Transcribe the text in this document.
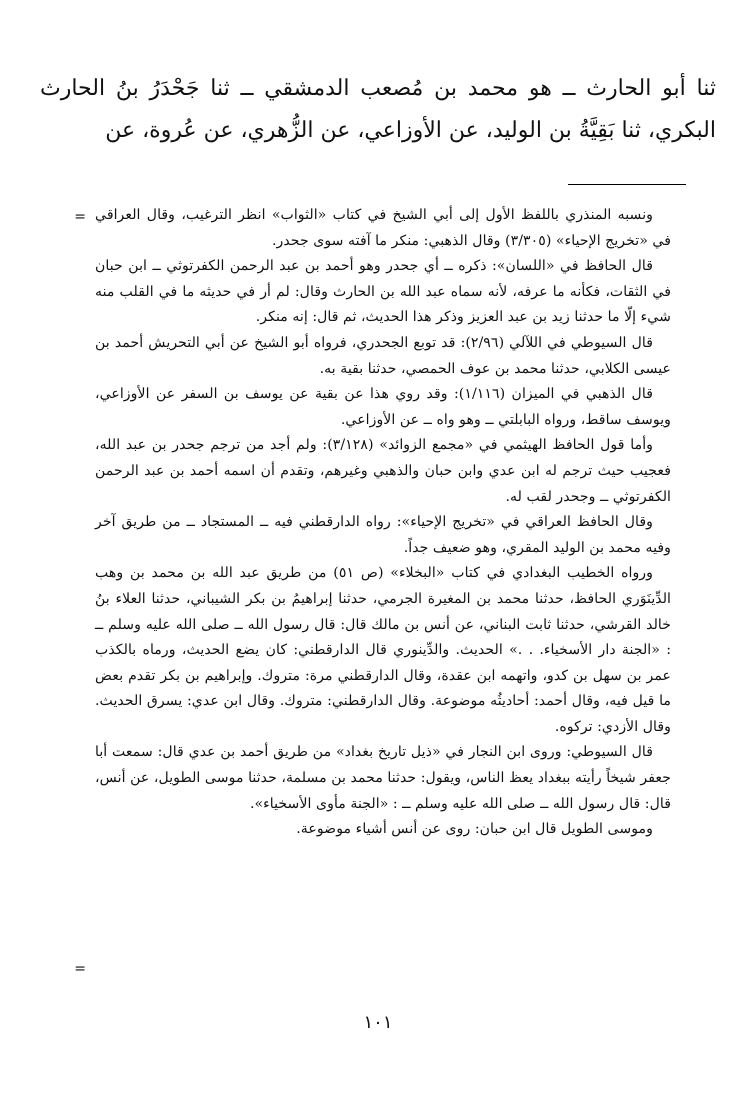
ثنا أبو الحارث ــ هو محمد بن مُصعب الدمشقي ــ ثنا جَحْدَرُ بنُ الحارث البكري، ثنا بَقِيَّةُ بن الوليد، عن الأوزاعي، عن الزُّهري، عن عُروة، عن

= ونسبه المنذري باللفظ الأول إلى أبي الشيخ في كتاب «الثواب» انظر الترغيب، وقال العراقي في «تخريج الإحياء» (٣/٣٠٥) وقال الذهبي: منكر ما آفته سوى جحدر.

قال الحافظ في «اللسان»: ذكره ــ أي جحدر وهو أحمد بن عبد الرحمن الكفرتوثي ــ ابن حبان في الثقات، فكأنه ما عرفه، لأنه سماه عبد الله بن الحارث وقال: لم أر في حديثه ما في القلب منه شيء إلّا ما حدثنا زيد بن عبد العزيز وذكر هذا الحديث، ثم قال: إنه منكر.

قال السيوطي في اللآلي (٢/٩٦): قد توبع الجحدري، فرواه أبو الشيخ عن أبي التحريش أحمد بن عيسى الكلابي، حدثنا محمد بن عوف الحمصي، حدثنا بقية به.

قال الذهبي في الميزان (١/١١٦): وقد روي هذا عن بقية عن يوسف بن السفر عن الأوزاعي، ويوسف ساقط، ورواه البابلتي ــ وهو واه ــ عن الأوزاعي.

وأما قول الحافظ الهيثمي في «مجمع الزوائد» (٣/١٢٨): ولم أجد من ترجم جحدر بن عبد الله، فعجيب حيث ترجم له ابن عدي وابن حبان والذهبي وغيرهم، وتقدم أن اسمه أحمد بن عبد الرحمن الكفرتوثي ــ وجحدر لقب له.

وقال الحافظ العراقي في «تخريج الإحياء»: رواه الدارقطني فيه ــ المستجاد ــ من طريق آخر وفيه محمد بن الوليد المقري، وهو ضعيف جداً.

ورواه الخطيب البغدادي في كتاب «البخلاء» (ص ٥١) من طريق عبد الله بن محمد بن وهب الدِّينَوَري الحافظ، حدثنا محمد بن المغيرة الجرمي، حدثنا إبراهيمُ بن بكر الشيباني، حدثنا العلاء بنُ خالد القرشي، حدثنا ثابت البناني، عن أنس بن مالك قال: قال رسول الله ــ صلى الله عليه وسلم ــ : «الجنة دار الأسخياء. . .» الحديث. والدِّينوري قال الدارقطني: كان يضع الحديث، ورماه بالكذب عمر بن سهل بن كدو، واتهمه ابن عقدة، وقال الدارقطني مرة: متروك. وإبراهيم بن بكر تقدم بعض ما قيل فيه، وقال أحمد: أحاديثُه موضوعة. وقال الدارقطني: متروك. وقال ابن عدي: يسرق الحديث. وقال الأزدي: تركوه.

قال السيوطي: وروى ابن النجار في «ذيل تاريخ بغداد» من طريق أحمد بن عدي قال: سمعت أبا جعفر شيخاً رأيته ببغداد يعظ الناس، ويقول: حدثنا محمد بن مسلمة، حدثنا موسى الطويل، عن أنس، قال: قال رسول الله ــ صلى الله عليه وسلم ــ : «الجنة مأوى الأسخياء».

وموسى الطويل قال ابن حبان: روى عن أنس أشياء موضوعة.

=
١٠١
